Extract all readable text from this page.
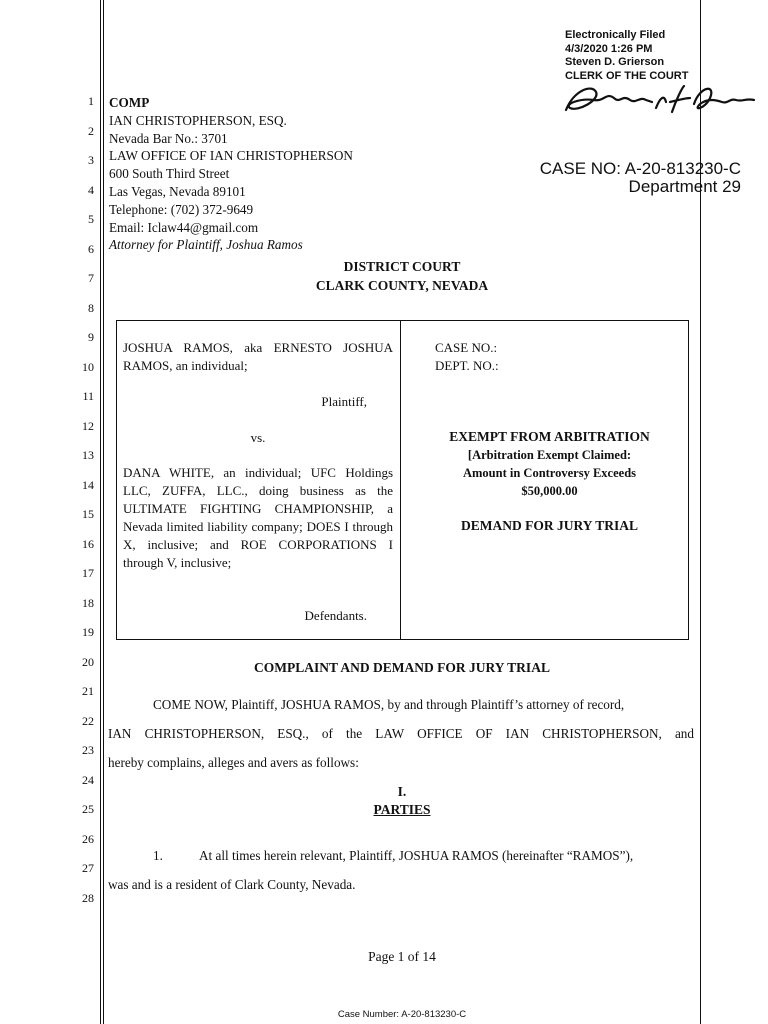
1
2
3
4
5
6
7
8
9
10
11
12
13
14
15
16
17
18
19
20
21
22
23
24
25
26
27
28
Electronically Filed
4/3/2020 1:26 PM
Steven D. Grierson
CLERK OF THE COURT
CASE NO: A-20-813230-C
Department 29
COMP
IAN CHRISTOPHERSON, ESQ.
Nevada Bar No.: 3701
LAW OFFICE OF IAN CHRISTOPHERSON
600 South Third Street
Las Vegas, Nevada 89101
Telephone: (702) 372-9649
Email: Iclaw44@gmail.com
Attorney for Plaintiff, Joshua Ramos
DISTRICT COURT
CLARK COUNTY, NEVADA
JOSHUA RAMOS, aka ERNESTO JOSHUA RAMOS, an individual;
Plaintiff,
vs.
DANA WHITE, an individual; UFC Holdings LLC, ZUFFA, LLC., doing business as the ULTIMATE FIGHTING CHAMPIONSHIP, a Nevada limited liability company; DOES I through X, inclusive; and ROE CORPORATIONS I through V, inclusive;
Defendants.
CASE NO.:
DEPT. NO.:
EXEMPT FROM ARBITRATION
[Arbitration Exempt Claimed:
Amount in Controversy Exceeds
$50,000.00
DEMAND FOR JURY TRIAL
COMPLAINT AND DEMAND FOR JURY TRIAL
COME NOW, Plaintiff, JOSHUA RAMOS, by and through Plaintiff’s attorney of record,
IAN CHRISTOPHERSON, ESQ., of the LAW OFFICE OF IAN CHRISTOPHERSON, and
hereby complains, alleges and avers as follows:
I.
PARTIES
1.	At all times herein relevant, Plaintiff, JOSHUA RAMOS (hereinafter “RAMOS”),
was and is a resident of Clark County, Nevada.
Page 1 of 14
Case Number: A-20-813230-C
